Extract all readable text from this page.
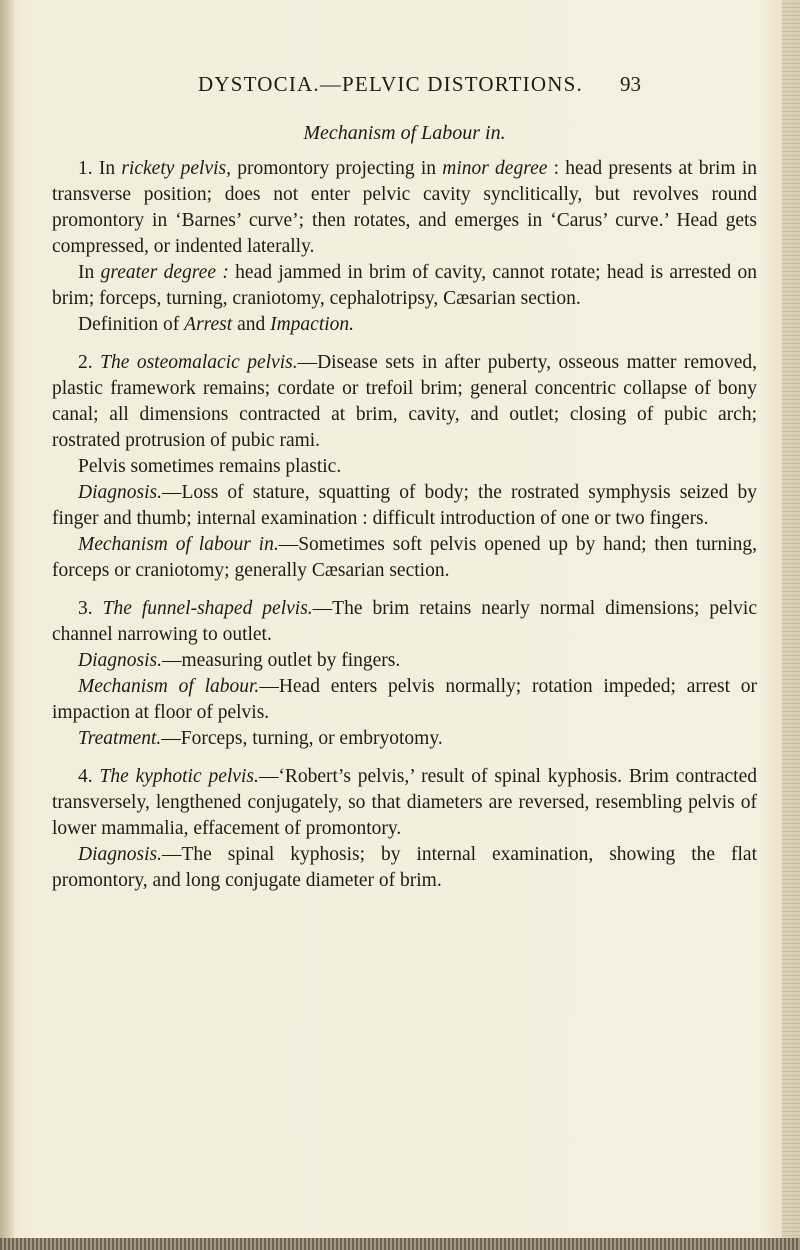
DYSTOCIA.—PELVIC DISTORTIONS. 93
Mechanism of Labour in.

1. In rickety pelvis, promontory projecting in minor degree : head presents at brim in transverse position; does not enter pelvic cavity synclitically, but revolves round promontory in ‘Barnes’ curve’; then rotates, and emerges in ‘Carus’ curve.’ Head gets compressed, or indented laterally.

In greater degree : head jammed in brim of cavity, cannot rotate; head is arrested on brim; forceps, turning, craniotomy, cephalotripsy, Cæsarian section.

Definition of Arrest and Impaction.

2. The osteomalacic pelvis.—Disease sets in after puberty, osseous matter removed, plastic framework remains; cordate or trefoil brim; general concentric collapse of bony canal; all dimensions contracted at brim, cavity, and outlet; closing of pubic arch; rostrated protrusion of pubic rami.

Pelvis sometimes remains plastic.

Diagnosis.—Loss of stature, squatting of body; the rostrated symphysis seized by finger and thumb; internal examination : difficult introduction of one or two fingers.

Mechanism of labour in.—Sometimes soft pelvis opened up by hand; then turning, forceps or craniotomy; generally Cæsarian section.

3. The funnel-shaped pelvis.—The brim retains nearly normal dimensions; pelvic channel narrowing to outlet.

Diagnosis.—measuring outlet by fingers.

Mechanism of labour.—Head enters pelvis normally; rotation impeded; arrest or impaction at floor of pelvis.

Treatment.—Forceps, turning, or embryotomy.

4. The kyphotic pelvis.—‘Robert’s pelvis,’ result of spinal kyphosis. Brim contracted transversely, lengthened conjugately, so that diameters are reversed, resembling pelvis of lower mammalia, effacement of promontory.

Diagnosis.—The spinal kyphosis; by internal examination, showing the flat promontory, and long conjugate diameter of brim.
